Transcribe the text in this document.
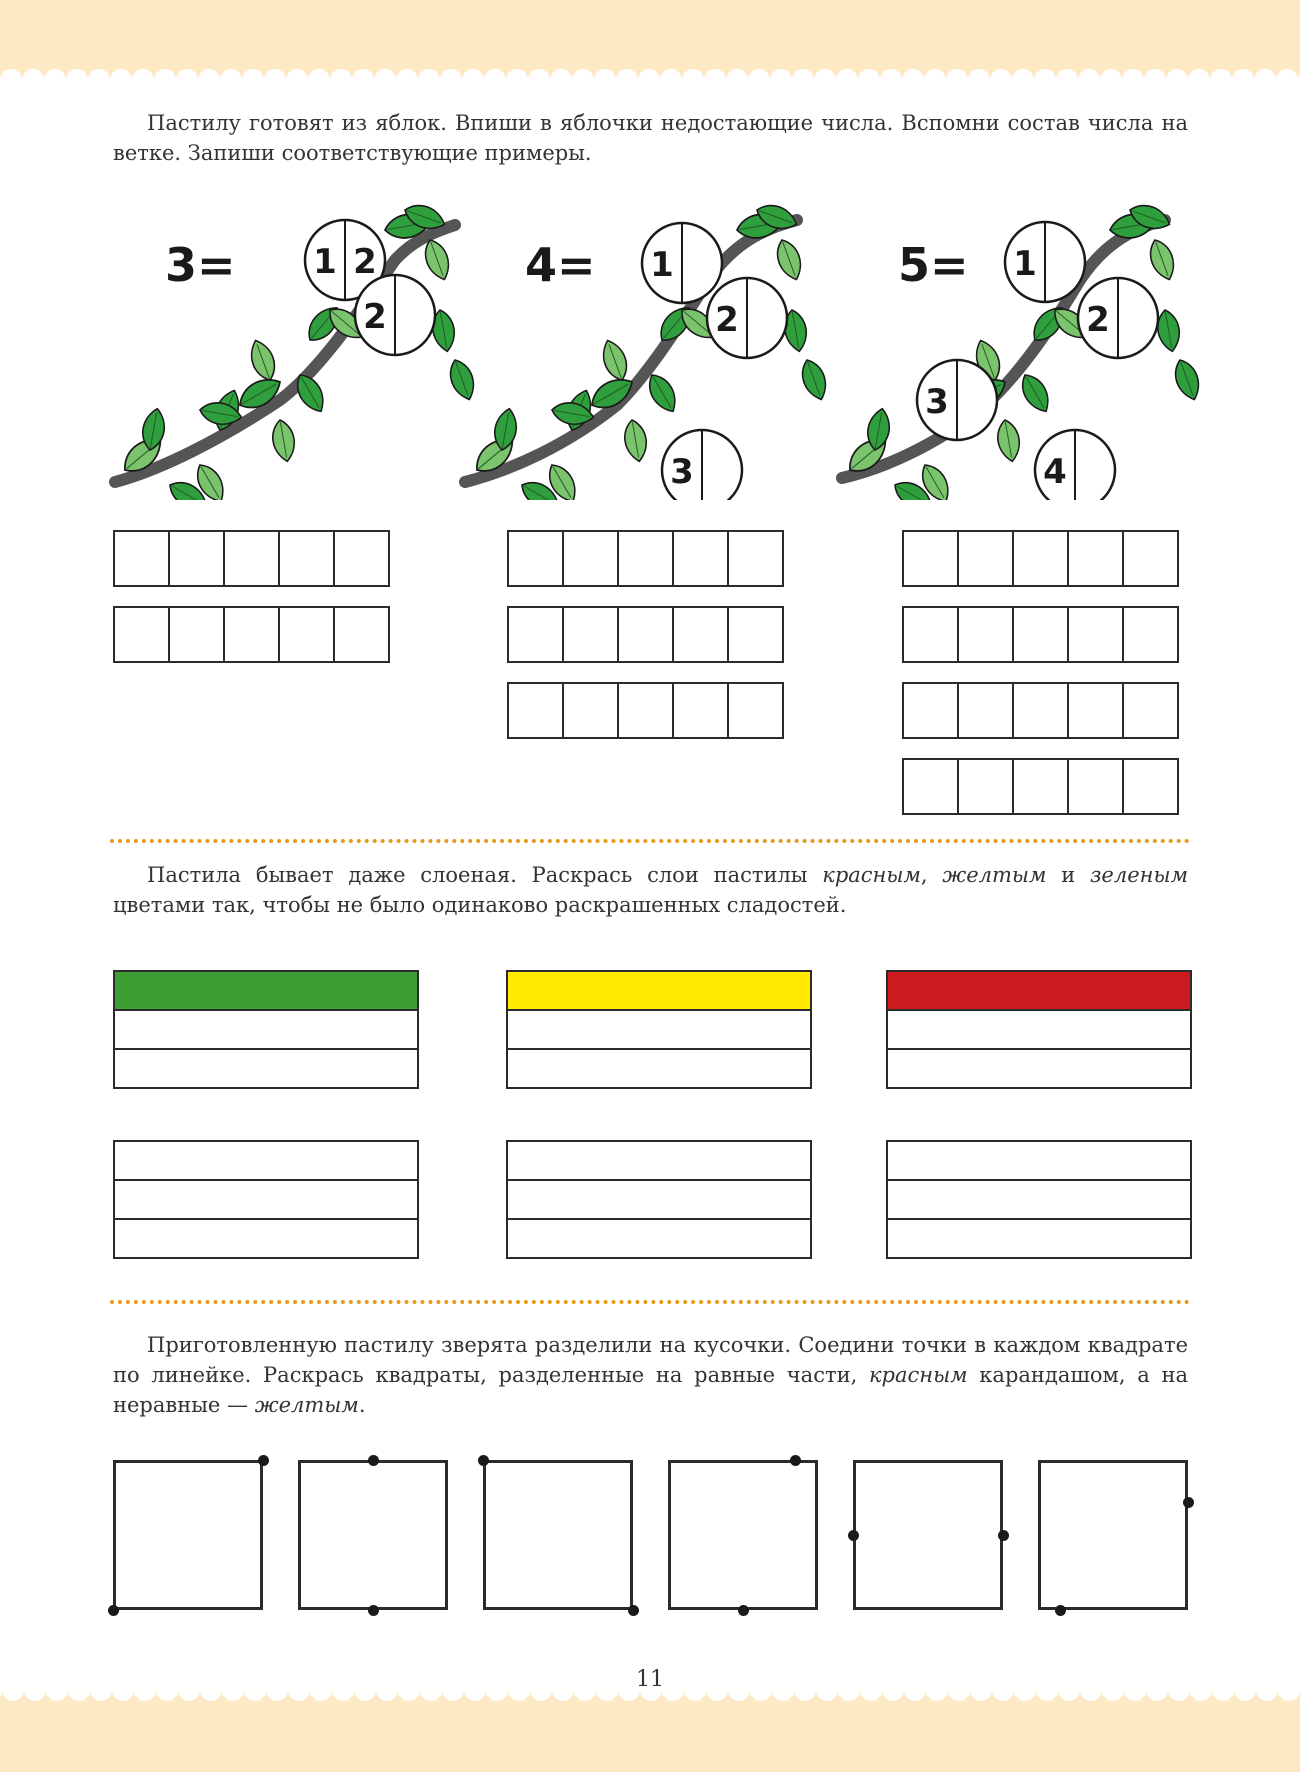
Пастилу готовят из яблок. Впиши в яблочки недостающие числа. Вспомни состав числа на ветке. Запиши соответствующие примеры.

3=	4=	5=
1 2
2
1
2
3
1
2
3
4

Пастила бывает даже слоеная. Раскрась слои пастилы красным, желтым и зеленым цветами так, чтобы не было одинаково раскрашенных сладостей.

Приготовленную пастилу зверята разделили на кусочки. Соедини точки в каждом квадрате по линейке. Раскрась квадраты, разделенные на равные части, красным карандашом, а на неравные — желтым.

11
